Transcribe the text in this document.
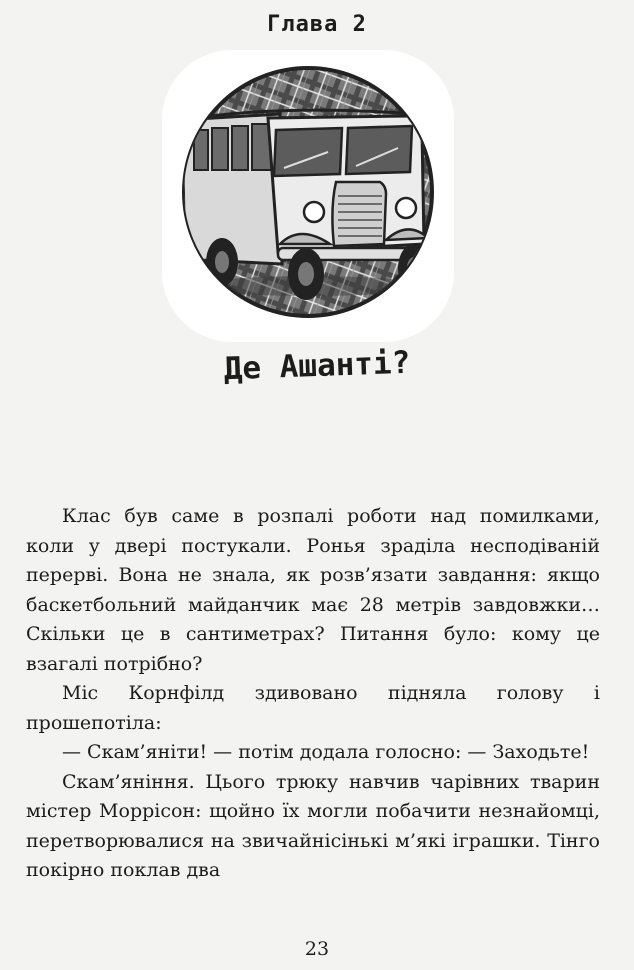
Глава 2
Де Ашанті?

Клас був саме в розпалі роботи над помилками, коли у двері постукали. Ронья зраділа несподіваній перерві. Вона не знала, як розв’язати завдання: якщо баскетбольний майданчик має 28 метрів завдовжки… Скільки це в сантиметрах? Питання було: кому це взагалі потрібно?

Міс Корнфілд здивовано підняла голову і прошепотіла:

— Скам’яніти! — потім додала голосно: — Заходьте!

Скам’яніння. Цього трюку навчив чарівних тварин містер Моррісон: щойно їх могли побачити незнайомці, перетворювалися на звичайнісінькі м’які іграшки. Тінго покірно поклав два

23
